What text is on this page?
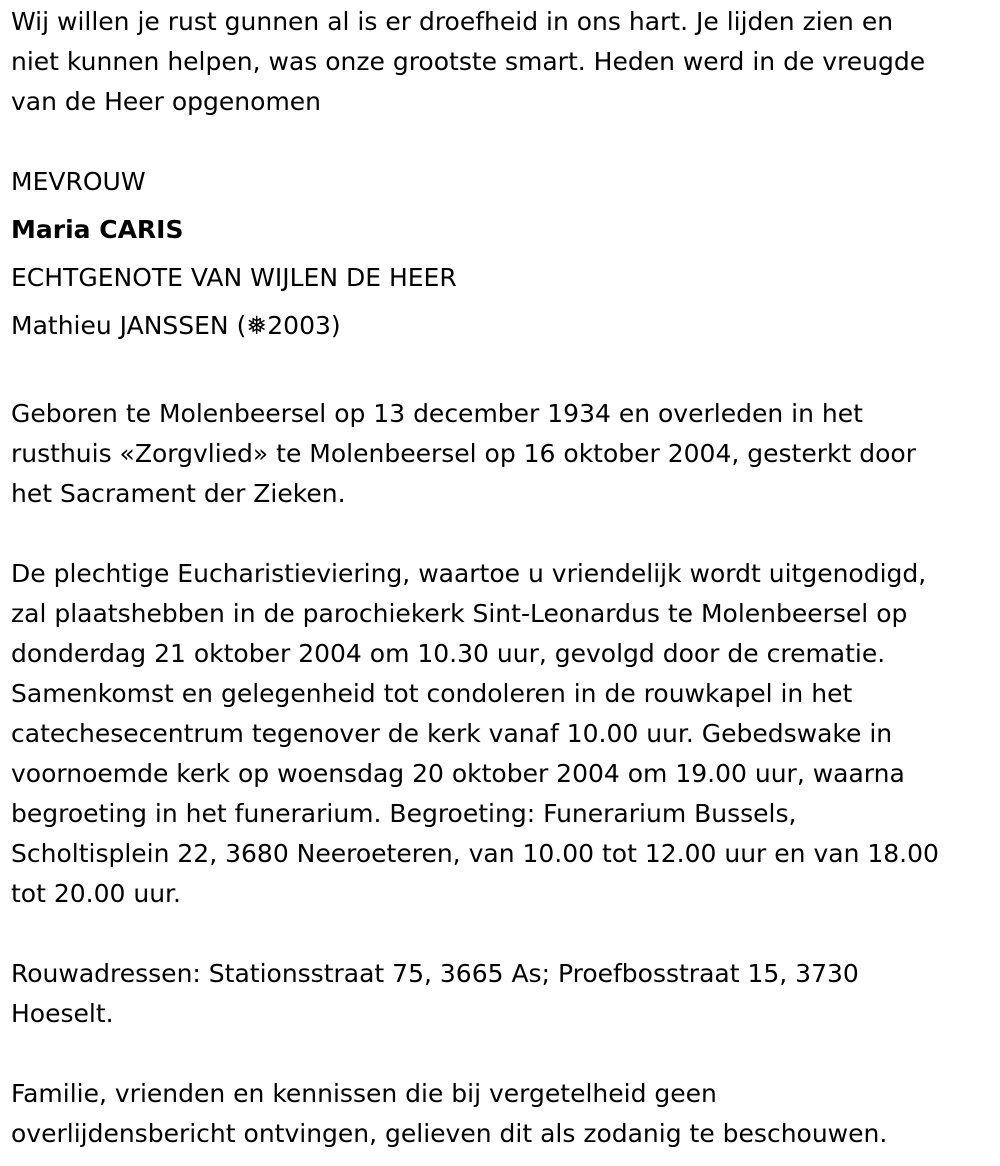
Wij willen je rust gunnen al is er droefheid in ons hart. Je lijden zien en
niet kunnen helpen, was onze grootste smart. Heden werd in de vreugde
van de Heer opgenomen
MEVROUW
Maria CARIS
ECHTGENOTE VAN WIJLEN DE HEER
Mathieu JANSSEN (❅2003)
Geboren te Molenbeersel op 13 december 1934 en overleden in het
rusthuis «Zorgvlied» te Molenbeersel op 16 oktober 2004, gesterkt door
het Sacrament der Zieken.
De plechtige Eucharistieviering, waartoe u vriendelijk wordt uitgenodigd,
zal plaatshebben in de parochiekerk Sint-Leonardus te Molenbeersel op
donderdag 21 oktober 2004 om 10.30 uur, gevolgd door de crematie.
Samenkomst en gelegenheid tot condoleren in de rouwkapel in het
catechesecentrum tegenover de kerk vanaf 10.00 uur. Gebedswake in
voornoemde kerk op woensdag 20 oktober 2004 om 19.00 uur, waarna
begroeting in het funerarium. Begroeting: Funerarium Bussels,
Scholtisplein 22, 3680 Neeroeteren, van 10.00 tot 12.00 uur en van 18.00
tot 20.00 uur.
Rouwadressen: Stationsstraat 75, 3665 As; Proefbosstraat 15, 3730
Hoeselt.
Familie, vrienden en kennissen die bij vergetelheid geen
overlijdensbericht ontvingen, gelieven dit als zodanig te beschouwen.
